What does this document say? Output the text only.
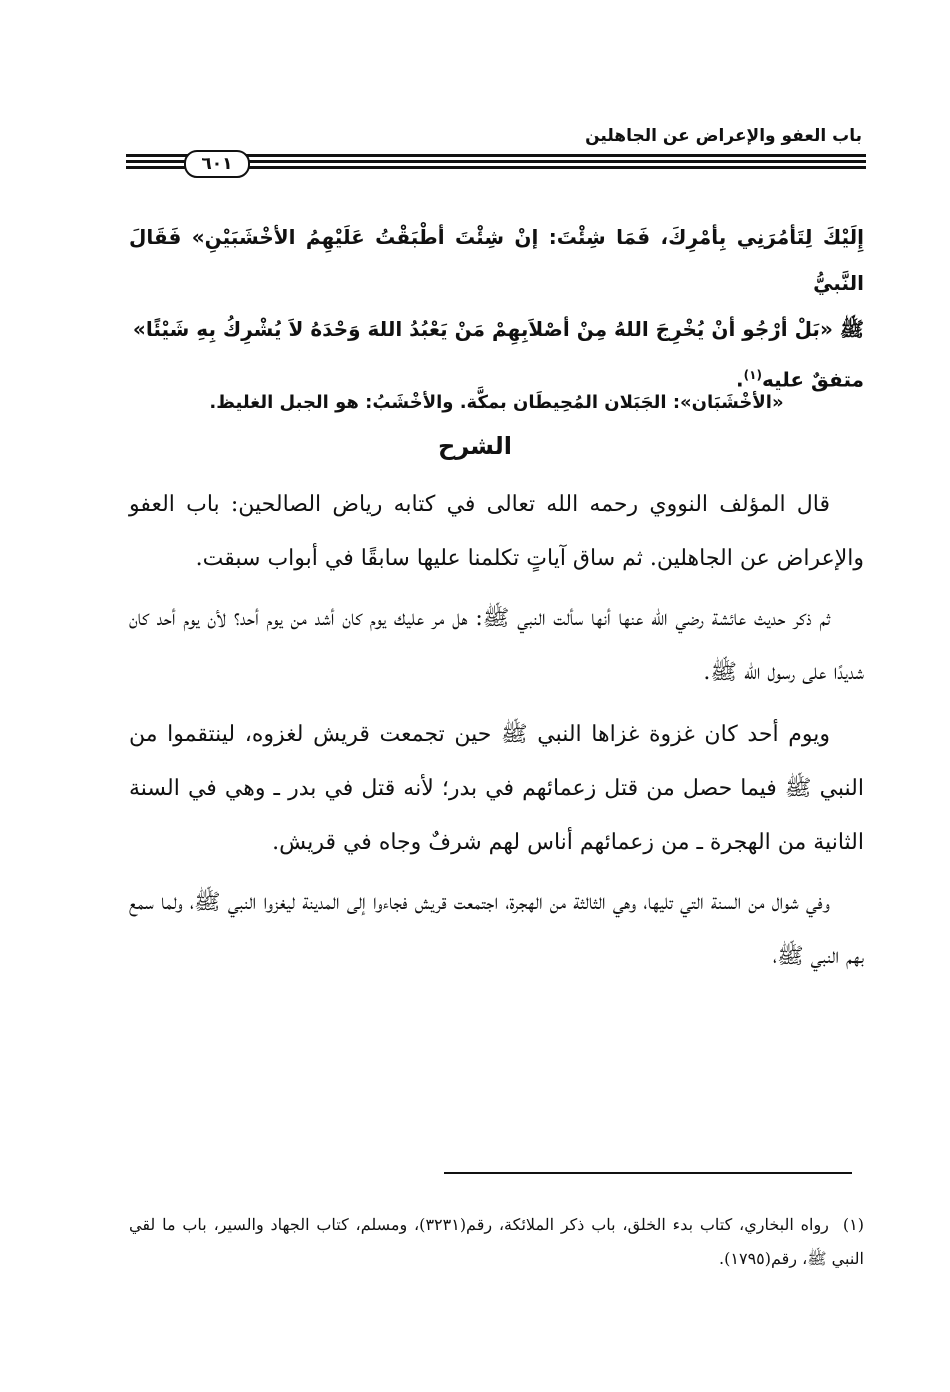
باب العفو والإعراض عن الجاهلين
٦٠١
إِلَيْكَ لِتَأمُرَنِي بِأمْرِكَ، فَمَا شِئْتَ: إنْ شِئْتَ أطْبَقْتُ عَلَيْهِمُ الأخْشَبَيْنِ» فَقَالَ النَّبيُّ
ﷺ «بَلْ أرْجُو أنْ يُخْرِجَ اللهُ مِنْ أصْلاَبِهِمْ مَنْ يَعْبُدُ اللهَ وَحْدَهُ لاَ يُشْرِكُ بِهِ شَيْئًا»
متفقٌ عليه$^{(١)}$.
«الأخْشَبَان»: الجَبَلان المُحِيطَان بمكَّة. والأخْشَبُ: هو الجبل الغليظ.
الشرح

قال المؤلف النووي رحمه الله تعالى في كتابه رياض الصالحين: باب العفو والإعراض عن الجاهلين. ثم ساق آياتٍ تكلمنا عليها سابقًا في أبواب سبقت.

ثم ذكر حديث عائشة رضي الله عنها أنها سألت النبي ﷺ: هل مر عليك يوم كان أشد من يوم أحد؟ لأن يوم أحد كان شديدًا على رسول الله ﷺ.

ويوم أحد كان غزوة غزاها النبي ﷺ حين تجمعت قريش لغزوه، لينتقموا من النبي ﷺ فيما حصل من قتل زعمائهم في بدر؛ لأنه قتل في بدر ـ وهي في السنة الثانية من الهجرة ـ من زعمائهم أناس لهم شرفٌ وجاه في قريش.

وفي شوال من السنة التي تليها، وهي الثالثة من الهجرة، اجتمعت قريش فجاءوا إلى المدينة ليغزوا النبي ﷺ، ولما سمع بهم النبي ﷺ،

(١)رواه البخاري، كتاب بدء الخلق، باب ذكر الملائكة، رقم(٣٢٣١)، ومسلم، كتاب الجهاد والسير، باب ما لقي النبي ﷺ، رقم(١٧٩٥).
